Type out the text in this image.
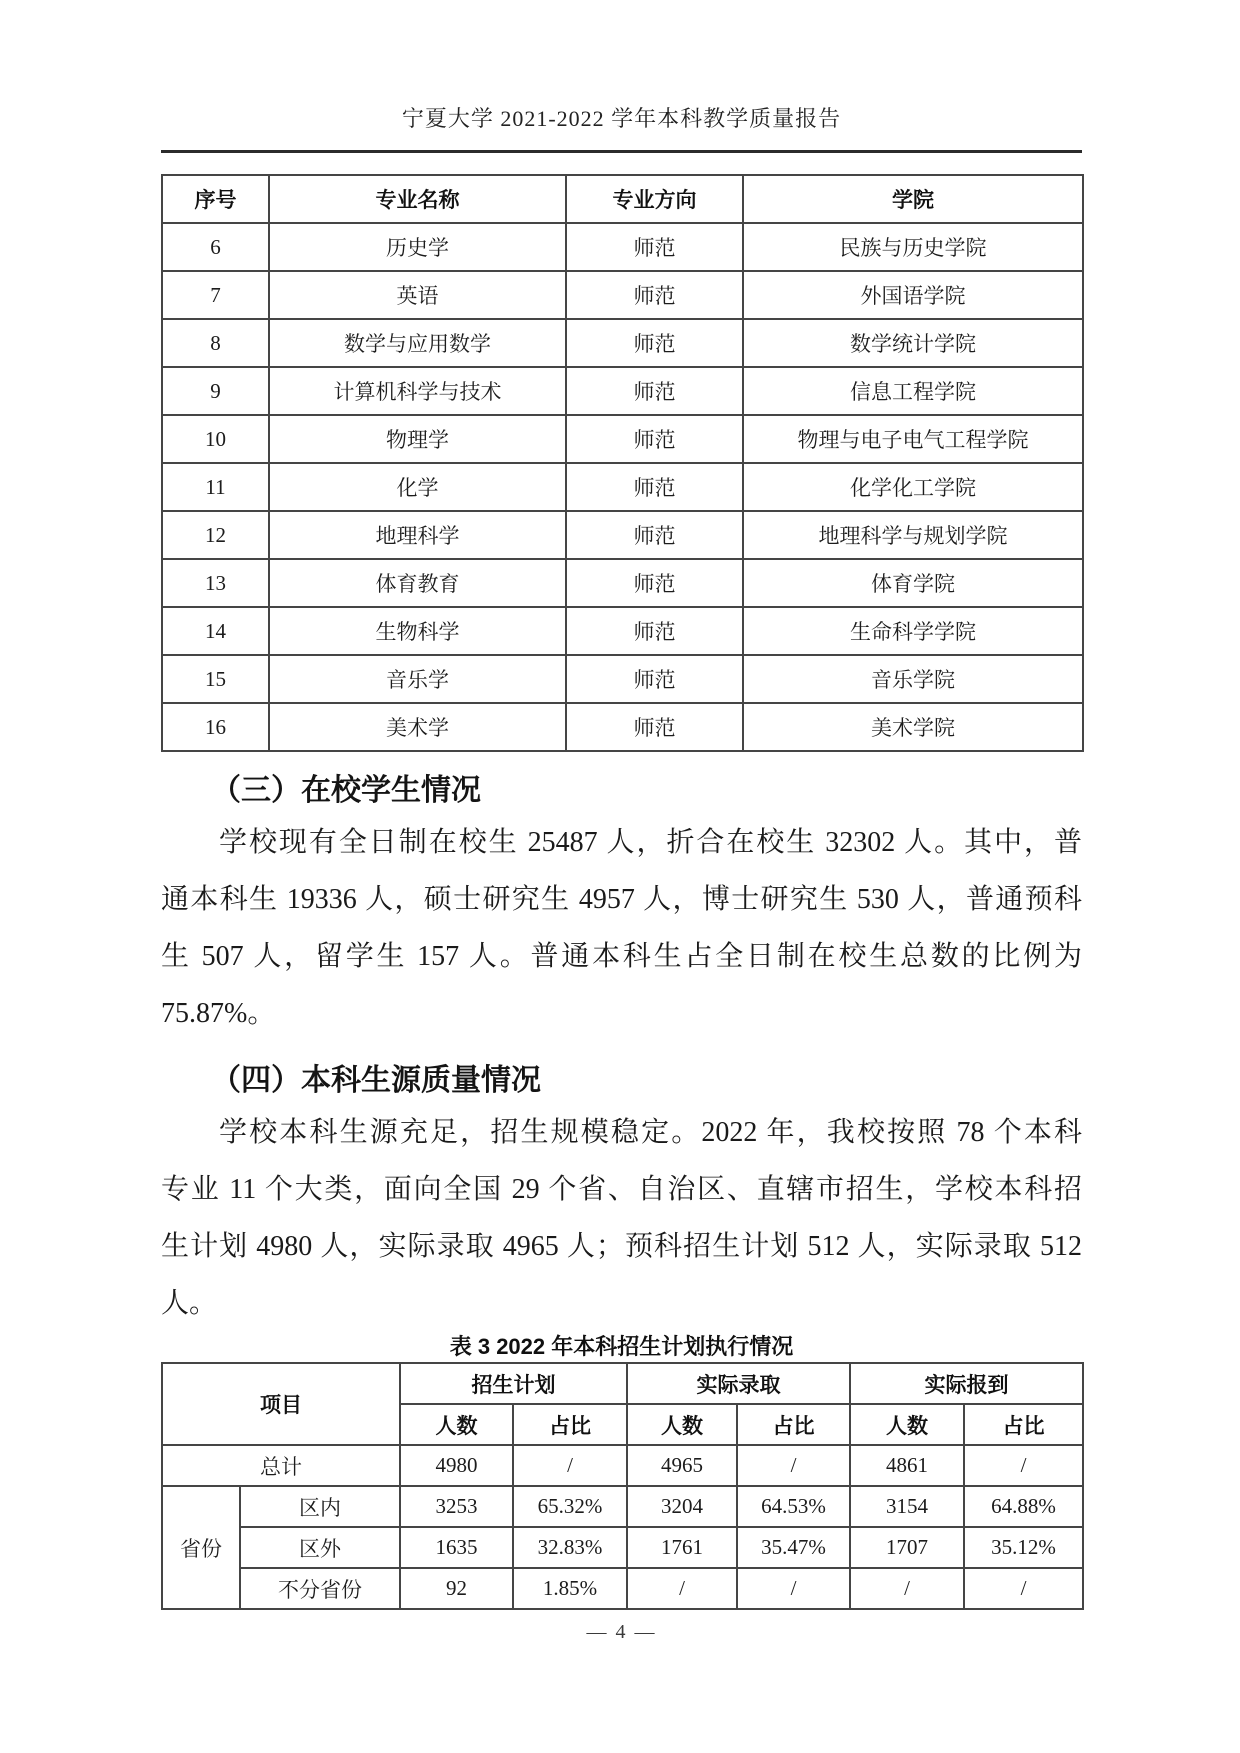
宁夏大学 2021-2022 学年本科教学质量报告
序号	专业名称	专业方向	学院
6	历史学	师范	民族与历史学院
7	英语	师范	外国语学院
8	数学与应用数学	师范	数学统计学院
9	计算机科学与技术	师范	信息工程学院
10	物理学	师范	物理与电子电气工程学院
11	化学	师范	化学化工学院
12	地理科学	师范	地理科学与规划学院
13	体育教育	师范	体育学院
14	生物科学	师范	生命科学学院
15	音乐学	师范	音乐学院
16	美术学	师范	美术学院
（三）在校学生情况
学校现有全日制在校生 25487 人，折合在校生 32302 人。其中，普
通本科生 19336 人，硕士研究生 4957 人，博士研究生 530 人，普通预科
生 507 人，留学生 157 人。普通本科生占全日制在校生总数的比例为
75.87%。
（四）本科生源质量情况
学校本科生源充足，招生规模稳定。2022 年，我校按照 78 个本科
专业 11 个大类，面向全国 29 个省、自治区、直辖市招生，学校本科招
生计划 4980 人，实际录取 4965 人；预科招生计划 512 人，实际录取 512
人。
表 3 2022 年本科招生计划执行情况
项目		招生计划		实际录取		实际报到	
		人数	占比	人数	占比	人数	占比
总计		4980	/	4965	/	4861	/
省份	区内	3253	65.32%	3204	64.53%	3154	64.88%
	区外	1635	32.83%	1761	35.47%	1707	35.12%
	不分省份	92	1.85%	/	/	/	/
— 4 —
